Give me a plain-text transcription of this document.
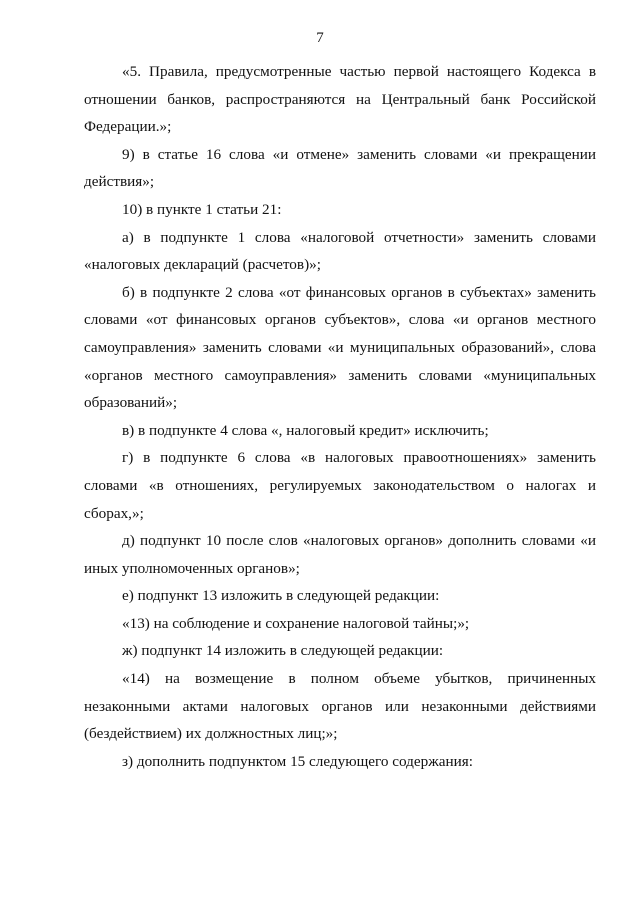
7

«5. Правила, предусмотренные частью первой настоящего Кодекса в отношении банков, распространяются на Центральный банк Российской Федерации.»;

9) в статье 16 слова «и отмене» заменить словами «и прекращении действия»;

10) в пункте 1 статьи 21:

а) в подпункте 1 слова «налоговой отчетности» заменить словами «налоговых деклараций (расчетов)»;

б) в подпункте 2 слова «от финансовых органов в субъектах» заменить словами «от финансовых органов субъектов», слова «и органов местного самоуправления» заменить словами «и муниципальных образований», слова «органов местного самоуправления» заменить словами «муниципальных образований»;

в) в подпункте 4 слова «, налоговый кредит» исключить;

г) в подпункте 6 слова «в налоговых правоотношениях» заменить словами «в отношениях, регулируемых законодательством о налогах и сборах,»;

д) подпункт 10 после слов «налоговых органов» дополнить словами «и иных уполномоченных органов»;

е) подпункт 13 изложить в следующей редакции:

«13) на соблюдение и сохранение налоговой тайны;»;

ж) подпункт 14 изложить в следующей редакции:

«14) на возмещение в полном объеме убытков, причиненных незаконными актами налоговых органов или незаконными действиями (бездействием) их должностных лиц;»;

з) дополнить подпунктом 15 следующего содержания:
